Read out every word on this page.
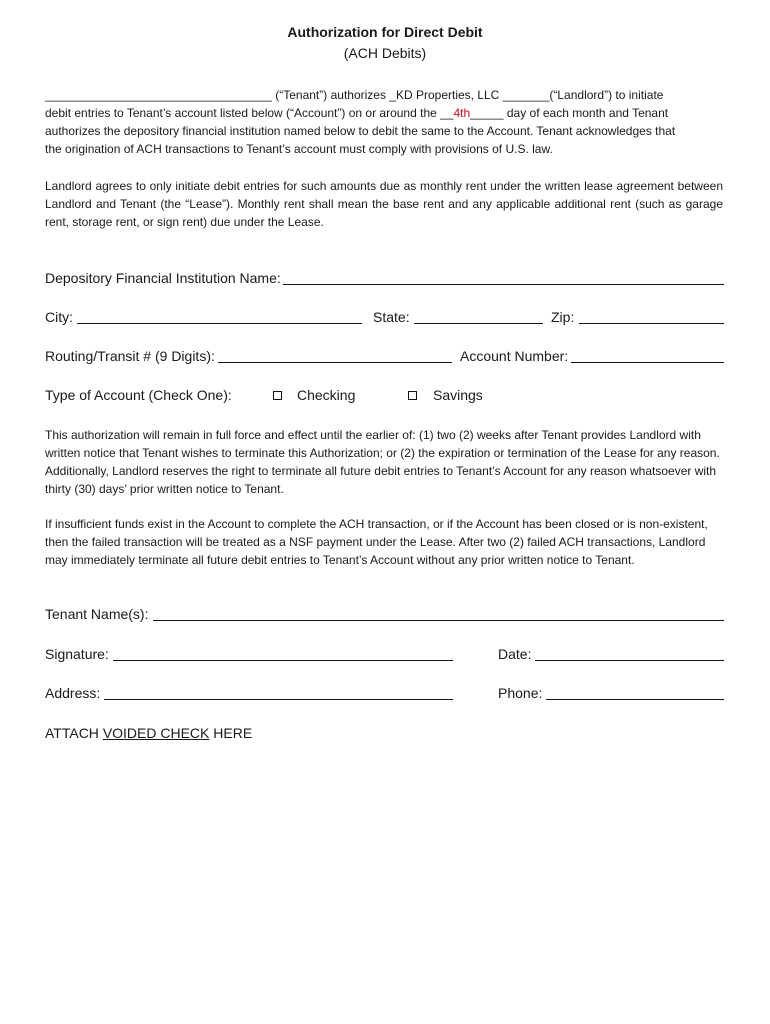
Authorization for Direct Debit
(ACH Debits)
__________________________________ (“Tenant”) authorizes _KD Properties, LLC _______(“Landlord”) to initiate
debit entries to Tenant’s account listed below (“Account”) on or around the __4th_____ day of each month and Tenant
authorizes the depository financial institution named below to debit the same to the Account. Tenant acknowledges that
the origination of ACH transactions to Tenant’s account must comply with provisions of U.S. law.
Landlord agrees to only initiate debit entries for such amounts due as monthly rent under the written lease agreement between Landlord and Tenant (the “Lease”). Monthly rent shall mean the base rent and any applicable additional rent (such as garage rent, storage rent, or sign rent) due under the Lease.
Depository Financial Institution Name:
City:	State:	Zip:
Routing/Transit # (9 Digits):	Account Number:
Type of Account (Check One):	Checking	Savings
This authorization will remain in full force and effect until the earlier of: (1) two (2) weeks after Tenant provides Landlord with written notice that Tenant wishes to terminate this Authorization; or (2) the expiration or termination of the Lease for any reason. Additionally, Landlord reserves the right to terminate all future debit entries to Tenant’s Account for any reason whatsoever with thirty (30) days’ prior written notice to Tenant.
If insufficient funds exist in the Account to complete the ACH transaction, or if the Account has been closed or is non-existent, then the failed transaction will be treated as a NSF payment under the Lease. After two (2) failed ACH transactions, Landlord may immediately terminate all future debit entries to Tenant’s Account without any prior written notice to Tenant.
Tenant Name(s):
Signature:	Date:
Address:	Phone:
ATTACH VOIDED CHECK HERE
